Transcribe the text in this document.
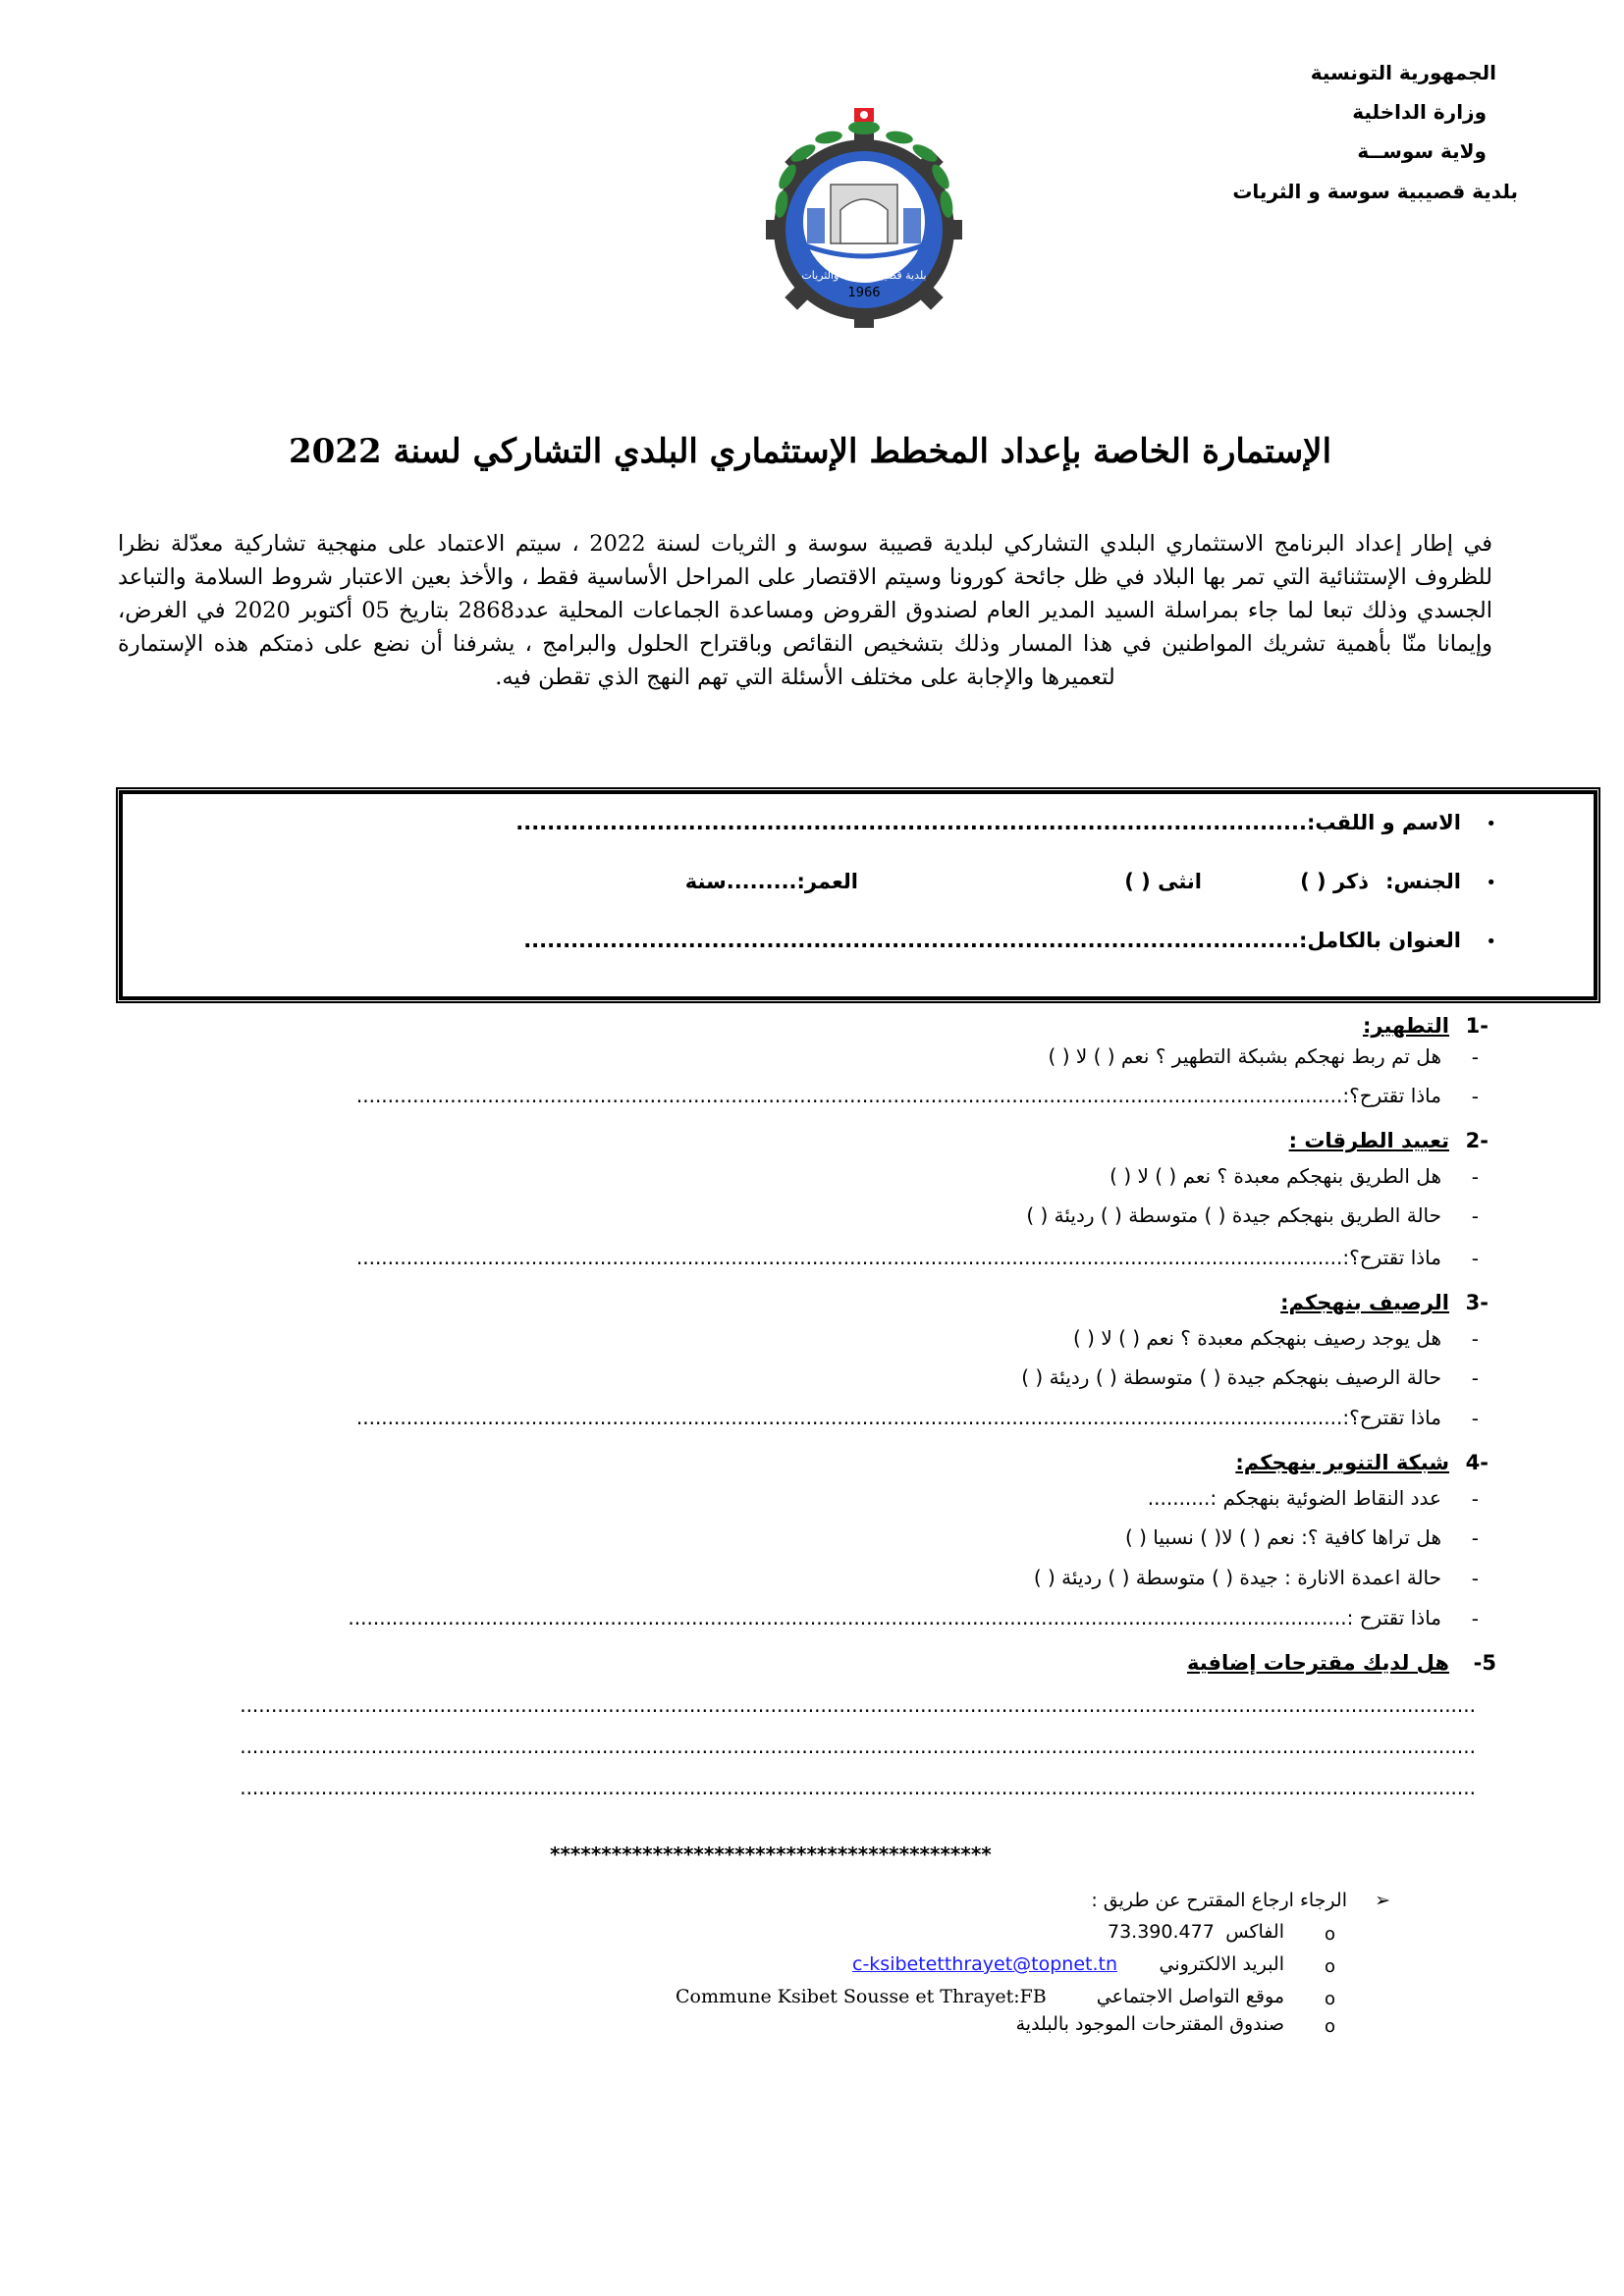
الجمهورية التونسية
وزارة الداخلية
ولاية سوســة
بلدية قصيبية سوسة و الثريات
بلدية قصيبة سوسة والثريات
1966
الإستمارة الخاصة بإعداد المخطط الإستثماري البلدي التشاركي لسنة 2022
في إطار إعداد البرنامج الاستثماري البلدي التشاركي لبلدية قصيبة سوسة و الثريات لسنة 2022 ، سيتم الاعتماد على منهجية تشاركية معدّلة نظرا للظروف الإستثنائية التي تمر بها البلاد في ظل جائحة كورونا وسيتم الاقتصار على المراحل الأساسية فقط ، والأخذ بعين الاعتبار شروط السلامة والتباعد الجسدي وذلك تبعا لما جاء بمراسلة السيد المدير العام لصندوق القروض ومساعدة الجماعات المحلية عدد2868 بتاريخ 05 أكتوبر 2020 في الغرض، وإيمانا منّا بأهمية تشريك المواطنين في هذا المسار وذلك بتشخيص النقائص وباقتراح الحلول والبرامج ، يشرفنا أن نضع على ذمتكم هذه الإستمارة لتعميرها والإجابة على مختلف الأسئلة التي تهم النهج الذي تقطن فيه.
•
الاسم و اللقب:.....................................................................................................
•
الجنس:
ذكر ( )
انثى ( )
العمر:.........سنة
•
العنوان بالكامل:...................................................................................................
1-
التطهير:
-
هل تم ربط نهجكم بشبكة التطهير ؟ نعم ( ) لا ( )
-
ماذا تقترح؟:..............................................................................................................................................................
2-
تعبيد الطرقات :
-
هل الطريق بنهجكم معبدة ؟ نعم ( ) لا ( )
-
حالة الطريق بنهجكم جيدة ( ) متوسطة ( ) رديئة ( )
-
ماذا تقترح؟:..............................................................................................................................................................
3-
الرصيف بنهجكم:
-
هل يوجد رصيف بنهجكم معبدة ؟ نعم ( ) لا ( )
-
حالة الرصيف بنهجكم جيدة ( ) متوسطة ( ) رديئة ( )
-
ماذا تقترح؟:..............................................................................................................................................................
4-
شبكة التنوير بنهجكم:
-
عدد النقاط الضوئية بنهجكم :..........
-
هل تراها كافية ؟: نعم ( ) لا( ) نسبيا ( )
-
حالة اعمدة الانارة : جيدة ( ) متوسطة ( ) رديئة ( )
-
ماذا تقترح :................................................................................................................................................................
-5
هل لديك مقترحات إضافية
......................................................................................................................................................................................................
......................................................................................................................................................................................................
......................................................................................................................................................................................................
*******************************************
➢
الرجاء ارجاع المقترح عن طريق :
o
الفاكس
73.390.477
o
البريد الالكتروني
c-ksibetetthrayet@topnet.tn
o
موقع التواصل الاجتماعي
Commune Ksibet Sousse et Thrayet:FB
o
صندوق المقترحات الموجود بالبلدية
